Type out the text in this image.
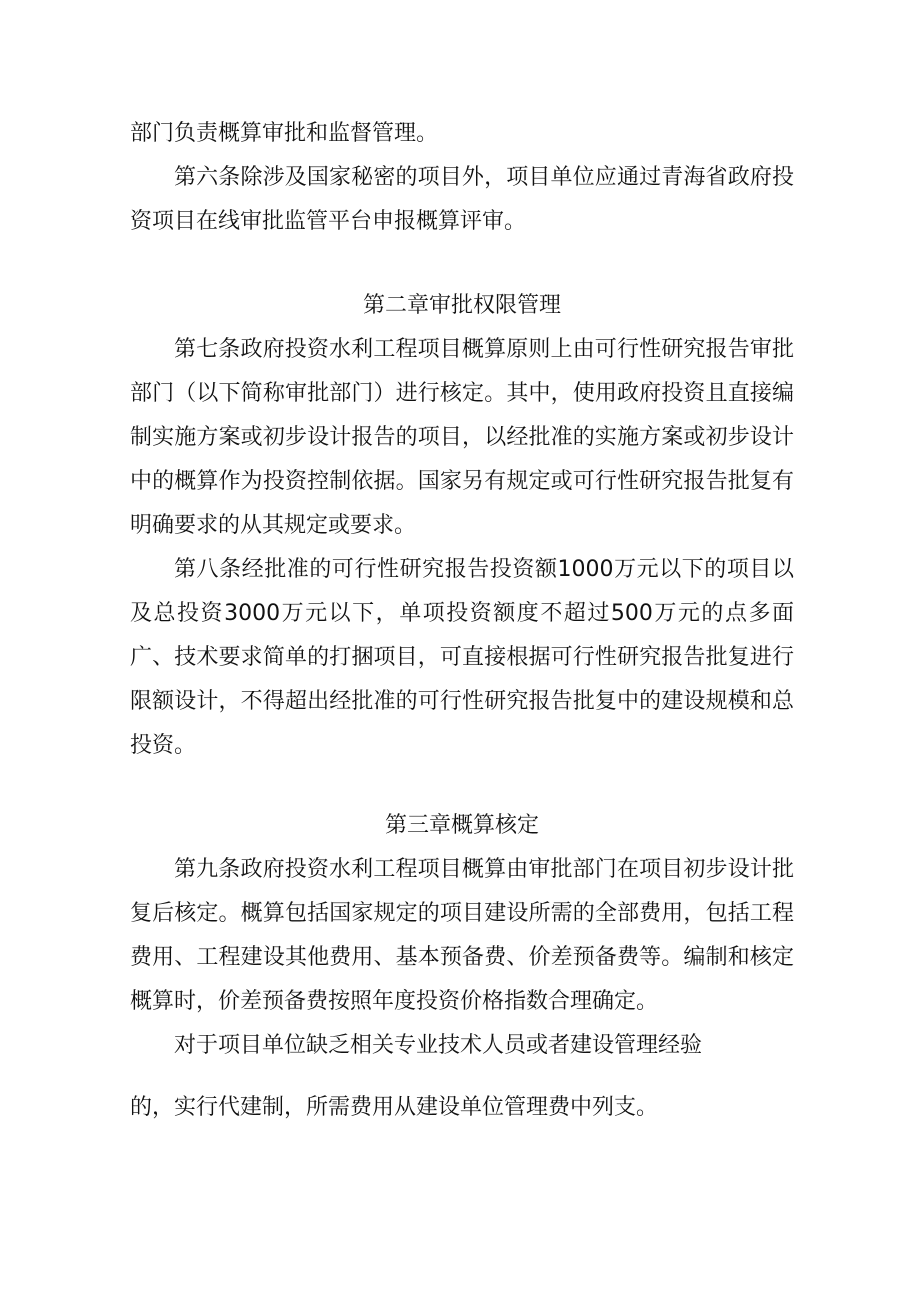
部门负责概算审批和监督管理。

第六条除涉及国家秘密的项目外，项目单位应通过青海省政府投资项目在线审批监管平台申报概算评审。

第二章审批权限管理

第七条政府投资水利工程项目概算原则上由可行性研究报告审批部门（以下简称审批部门）进行核定。其中，使用政府投资且直接编制实施方案或初步设计报告的项目，以经批准的实施方案或初步设计中的概算作为投资控制依据。国家另有规定或可行性研究报告批复有明确要求的从其规定或要求。

第八条经批准的可行性研究报告投资额1000万元以下的项目以及总投资3000万元以下，单项投资额度不超过500万元的点多面广、技术要求简单的打捆项目，可直接根据可行性研究报告批复进行限额设计，不得超出经批准的可行性研究报告批复中的建设规模和总投资。

第三章概算核定

第九条政府投资水利工程项目概算由审批部门在项目初步设计批复后核定。概算包括国家规定的项目建设所需的全部费用，包括工程费用、工程建设其他费用、基本预备费、价差预备费等。编制和核定概算时，价差预备费按照年度投资价格指数合理确定。

对于项目单位缺乏相关专业技术人员或者建设管理经验

的，实行代建制，所需费用从建设单位管理费中列支。
